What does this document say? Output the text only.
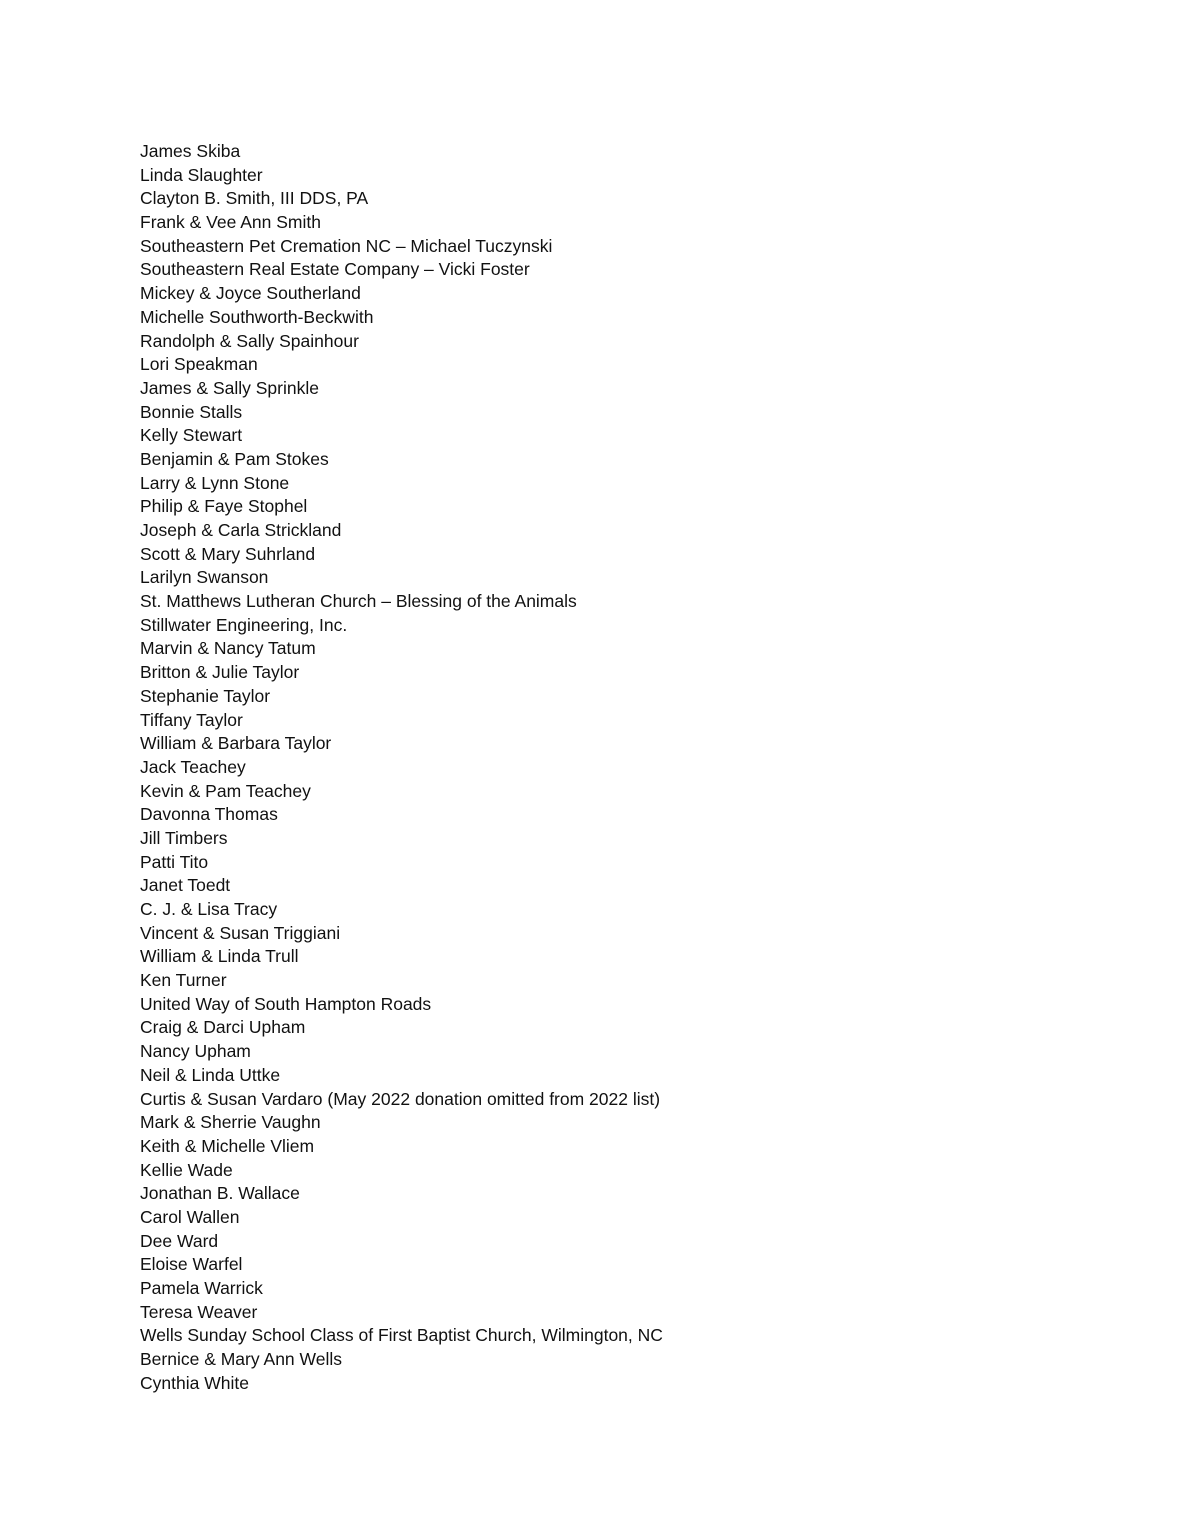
James Skiba
Linda Slaughter
Clayton B. Smith, III DDS, PA
Frank & Vee Ann Smith
Southeastern Pet Cremation NC – Michael Tuczynski
Southeastern Real Estate Company – Vicki Foster
Mickey & Joyce Southerland
Michelle Southworth-Beckwith
Randolph & Sally Spainhour
Lori Speakman
James & Sally Sprinkle
Bonnie Stalls
Kelly Stewart
Benjamin & Pam Stokes
Larry & Lynn Stone
Philip & Faye Stophel
Joseph & Carla Strickland
Scott & Mary Suhrland
Larilyn Swanson
St. Matthews Lutheran Church – Blessing of the Animals
Stillwater Engineering, Inc.
Marvin & Nancy Tatum
Britton & Julie Taylor
Stephanie Taylor
Tiffany Taylor
William & Barbara Taylor
Jack Teachey
Kevin & Pam Teachey
Davonna Thomas
Jill Timbers
Patti Tito
Janet Toedt
C. J. & Lisa Tracy
Vincent & Susan Triggiani
William & Linda Trull
Ken Turner
United Way of South Hampton Roads
Craig & Darci Upham
Nancy Upham
Neil & Linda Uttke
Curtis & Susan Vardaro (May 2022 donation omitted from 2022 list)
Mark & Sherrie Vaughn
Keith & Michelle Vliem
Kellie Wade
Jonathan B. Wallace
Carol Wallen
Dee Ward
Eloise Warfel
Pamela Warrick
Teresa Weaver
Wells Sunday School Class of First Baptist Church, Wilmington, NC
Bernice & Mary Ann Wells
Cynthia White
